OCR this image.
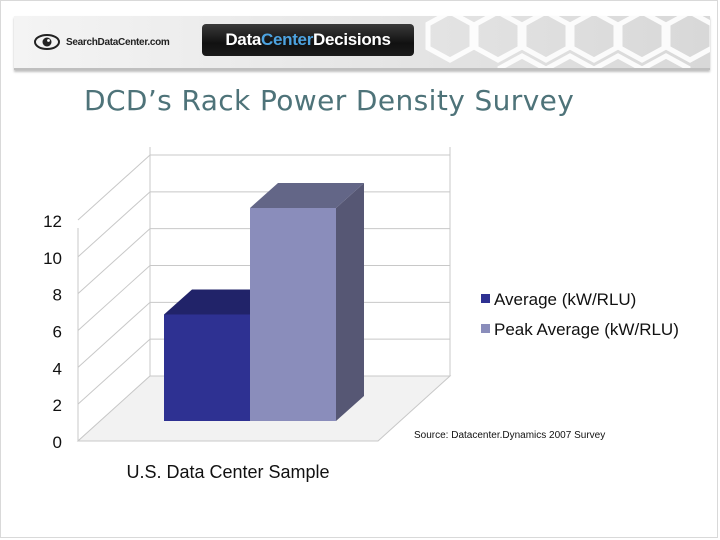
SearchDataCenter.com	Data Center Decisions
DCD’s Rack Power Density Survey
0
2
4
6
8
10
12
U.S. Data Center Sample
Average (kW/RLU)
Peak Average (kW/RLU)
Source: Datacenter.Dynamics 2007 Survey
